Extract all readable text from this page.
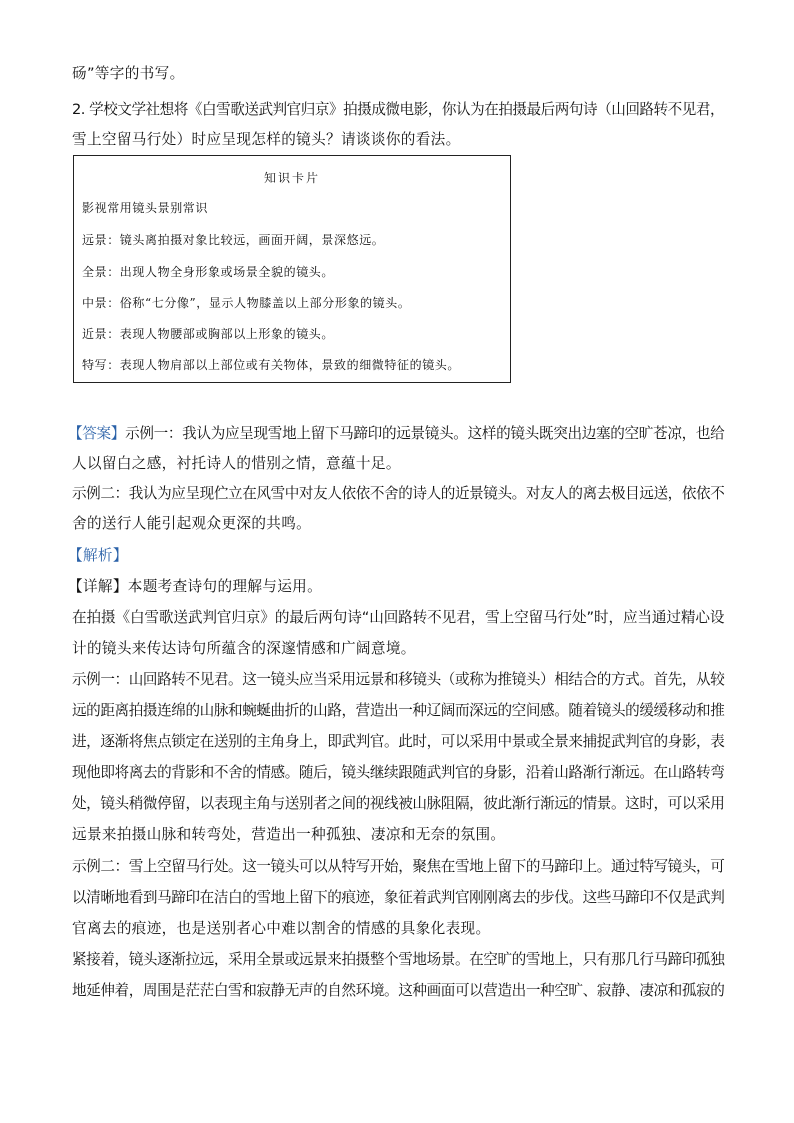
砀”等字的书写。
2. 学校文学社想将《白雪歌送武判官归京》拍摄成微电影，你认为在拍摄最后两句诗（山回路转不见君，
雪上空留马行处）时应呈现怎样的镜头？请谈谈你的看法。
知识卡片
影视常用镜头景别常识
远景：镜头离拍摄对象比较远，画面开阔，景深悠远。
全景：出现人物全身形象或场景全貌的镜头。
中景：俗称“七分像”，显示人物膝盖以上部分形象的镜头。
近景：表现人物腰部或胸部以上形象的镜头。
特写：表现人物肩部以上部位或有关物体，景致的细微特征的镜头。
【答案】示例一：我认为应呈现雪地上留下马蹄印的远景镜头。这样的镜头既突出边塞的空旷苍凉，也给
人以留白之感，衬托诗人的惜别之情，意蕴十足。
示例二：我认为应呈现伫立在风雪中对友人依依不舍的诗人的近景镜头。对友人的离去极目远送，依依不
舍的送行人能引起观众更深的共鸣。
【解析】
【详解】本题考查诗句的理解与运用。
在拍摄《白雪歌送武判官归京》的最后两句诗“山回路转不见君，雪上空留马行处”时，应当通过精心设
计的镜头来传达诗句所蕴含的深邃情感和广阔意境。
示例一：山回路转不见君。这一镜头应当采用远景和移镜头（或称为推镜头）相结合的方式。首先，从较
远的距离拍摄连绵的山脉和蜿蜒曲折的山路，营造出一种辽阔而深远的空间感。随着镜头的缓缓移动和推
进，逐渐将焦点锁定在送别的主角身上，即武判官。此时，可以采用中景或全景来捕捉武判官的身影，表
现他即将离去的背影和不舍的情感。随后，镜头继续跟随武判官的身影，沿着山路渐行渐远。在山路转弯
处，镜头稍微停留，以表现主角与送别者之间的视线被山脉阻隔，彼此渐行渐远的情景。这时，可以采用
远景来拍摄山脉和转弯处，营造出一种孤独、凄凉和无奈的氛围。
示例二：雪上空留马行处。这一镜头可以从特写开始，聚焦在雪地上留下的马蹄印上。通过特写镜头，可
以清晰地看到马蹄印在洁白的雪地上留下的痕迹，象征着武判官刚刚离去的步伐。这些马蹄印不仅是武判
官离去的痕迹，也是送别者心中难以割舍的情感的具象化表现。
紧接着，镜头逐渐拉远，采用全景或远景来拍摄整个雪地场景。在空旷的雪地上，只有那几行马蹄印孤独
地延伸着，周围是茫茫白雪和寂静无声的自然环境。这种画面可以营造出一种空旷、寂静、凄凉和孤寂的
